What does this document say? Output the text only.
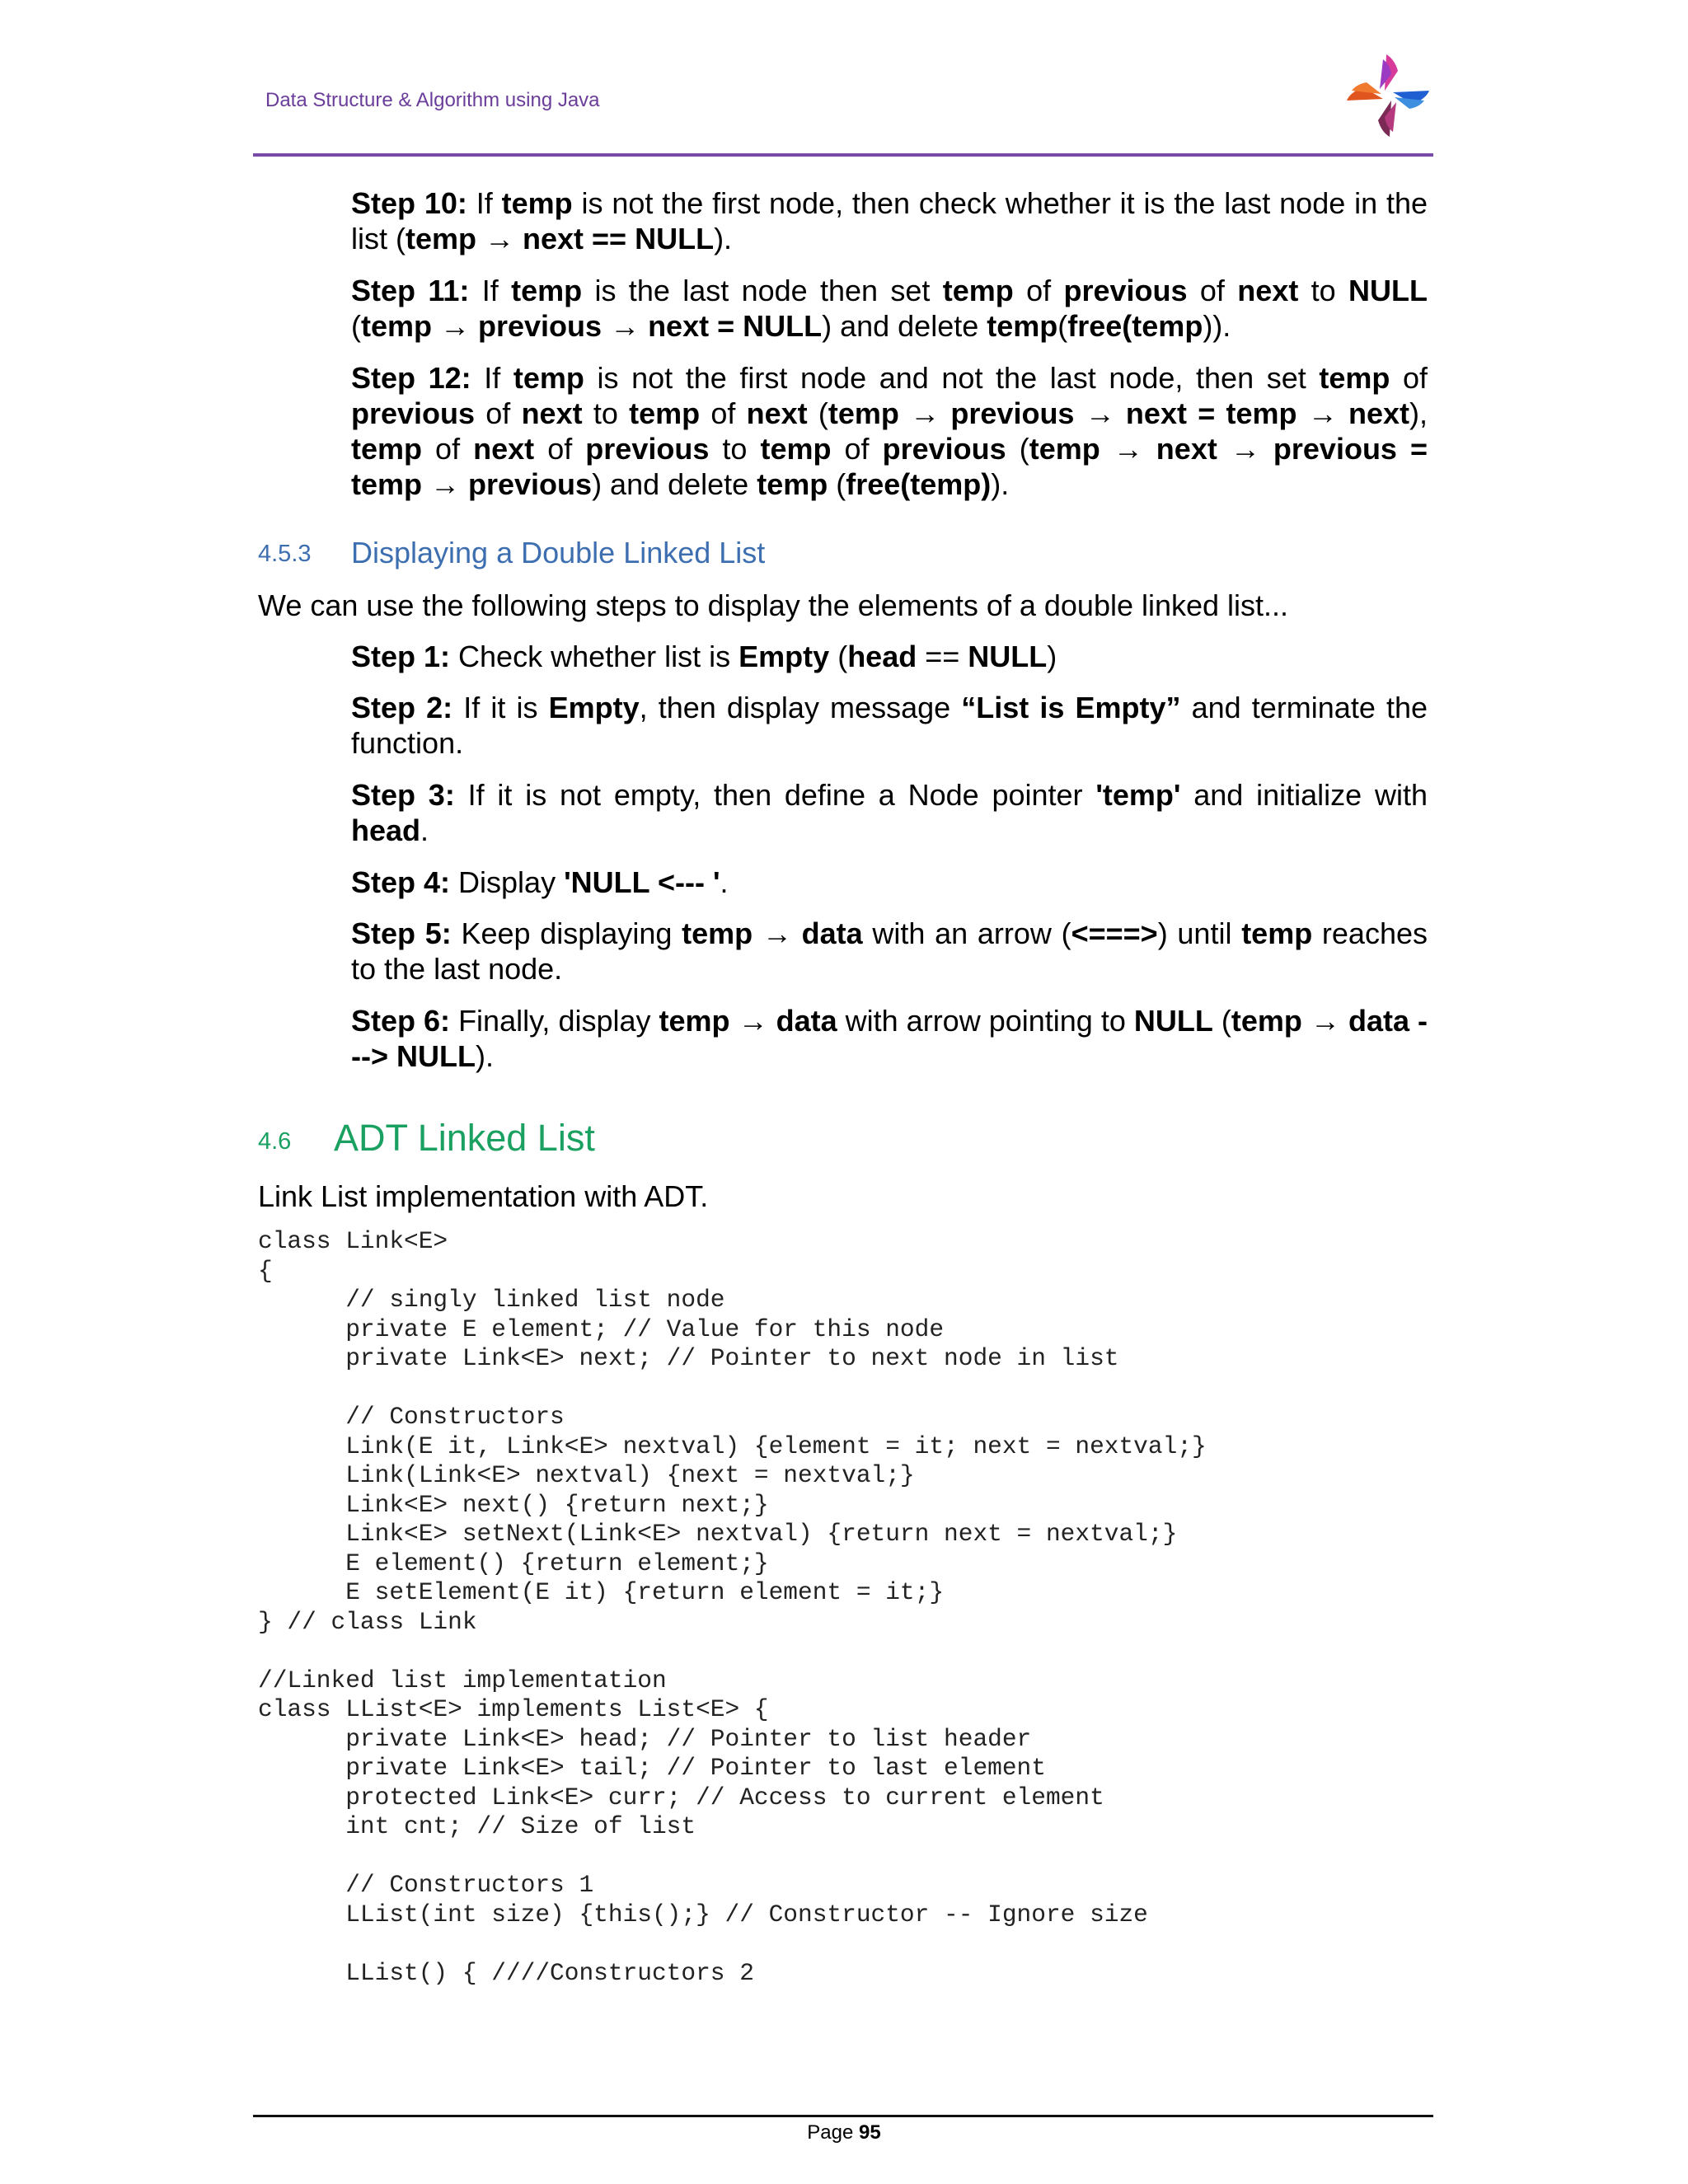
Data Structure & Algorithm using Java
Step 10: If temp is not the first node, then check whether it is the last node in the list (temp → next == NULL).
Step 11: If temp is the last node then set temp of previous of next to NULL (temp → previous → next = NULL) and delete temp(free(temp)).
Step 12: If temp is not the first node and not the last node, then set temp of previous of next to temp of next (temp → previous → next = temp → next), temp of next of previous to temp of previous (temp → next → previous = temp → previous) and delete temp (free(temp)).
4.5.3 Displaying a Double Linked List
We can use the following steps to display the elements of a double linked list...
Step 1: Check whether list is Empty (head == NULL)
Step 2: If it is Empty, then display message “List is Empty” and terminate the function.
Step 3: If it is not empty, then define a Node pointer 'temp' and initialize with head.
Step 4: Display 'NULL <--- '.
Step 5: Keep displaying temp → data with an arrow (<===>) until temp reaches to the last node.
Step 6: Finally, display temp → data with arrow pointing to NULL (temp → data ---> NULL).
4.6 ADT Linked List
Link List implementation with ADT.
class Link<E>
{
// singly linked list node
private E element; // Value for this node
private Link<E> next; // Pointer to next node in list
// Constructors
Link(E it, Link<E> nextval) {element = it; next = nextval;}
Link(Link<E> nextval) {next = nextval;}
Link<E> next() {return next;}
Link<E> setNext(Link<E> nextval) {return next = nextval;}
E element() {return element;}
E setElement(E it) {return element = it;}
} // class Link
//Linked list implementation
class LList<E> implements List<E> {
private Link<E> head; // Pointer to list header
private Link<E> tail; // Pointer to last element
protected Link<E> curr; // Access to current element
int cnt; // Size of list
// Constructors 1
LList(int size) {this();} // Constructor -- Ignore size
LList() { ////Constructors 2
Page 95
